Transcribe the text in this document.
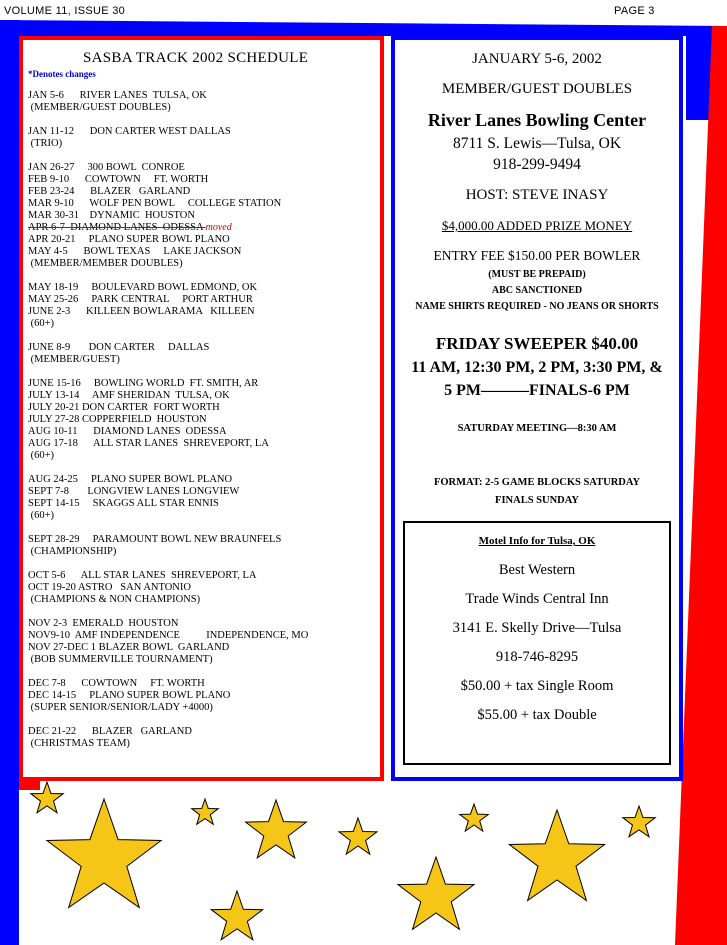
VOLUME 11, ISSUE 30	PAGE 3
SASBA TRACK 2002 SCHEDULE
*Denotes changes
JAN 5-6      RIVER LANES  TULSA, OK
(MEMBER/GUEST DOUBLES)
JAN 11-12      DON CARTER WEST DALLAS
(TRIO)
JAN 26-27     300 BOWL  CONROE
FEB 9-10      COWTOWN     FT. WORTH
FEB 23-24      BLAZER   GARLAND
MAR 9-10      WOLF PEN BOWL     COLLEGE STATION
MAR 30-31    DYNAMIC  HOUSTON
APR 6-7  DIAMOND LANES  ODESSA moved
APR 20-21     PLANO SUPER BOWL PLANO
MAY 4-5      BOWL TEXAS     LAKE JACKSON
(MEMBER/MEMBER DOUBLES)
MAY 18-19     BOULEVARD BOWL EDMOND, OK
MAY 25-26     PARK CENTRAL     PORT ARTHUR
JUNE 2-3      KILLEEN BOWLARAMA   KILLEEN
(60+)
JUNE 8-9       DON CARTER     DALLAS
(MEMBER/GUEST)
JUNE 15-16     BOWLING WORLD  FT. SMITH, AR
JULY 13-14     AMF SHERIDAN  TULSA, OK
JULY 20-21 DON CARTER  FORT WORTH
JULY 27-28 COPPERFIELD  HOUSTON
AUG 10-11      DIAMOND LANES  ODESSA
AUG 17-18      ALL STAR LANES  SHREVEPORT, LA
(60+)
AUG 24-25     PLANO SUPER BOWL PLANO
SEPT 7-8       LONGVIEW LANES LONGVIEW
SEPT 14-15     SKAGGS ALL STAR ENNIS
(60+)
SEPT 28-29     PARAMOUNT BOWL NEW BRAUNFELS
(CHAMPIONSHIP)
OCT 5-6      ALL STAR LANES  SHREVEPORT, LA
OCT 19-20 ASTRO   SAN ANTONIO
(CHAMPIONS & NON CHAMPIONS)
NOV 2-3  EMERALD  HOUSTON
NOV9-10  AMF INDEPENDENCE          INDEPENDENCE, MO
NOV 27-DEC 1 BLAZER BOWL  GARLAND
(BOB SUMMERVILLE TOURNAMENT)
DEC 7-8      COWTOWN     FT. WORTH
DEC 14-15     PLANO SUPER BOWL PLANO
(SUPER SENIOR/SENIOR/LADY +4000)
DEC 21-22      BLAZER   GARLAND
(CHRISTMAS TEAM)
JANUARY 5-6, 2002
MEMBER/GUEST DOUBLES
River Lanes Bowling Center
8711 S. Lewis—Tulsa, OK
918-299-9494
HOST: STEVE INASY
$4,000.00 ADDED PRIZE MONEY
ENTRY FEE $150.00 PER BOWLER
(MUST BE PREPAID)
ABC SANCTIONED
NAME SHIRTS REQUIRED - NO JEANS OR SHORTS
FRIDAY SWEEPER $40.00
11 AM, 12:30 PM, 2 PM, 3:30 PM, &
5 PM———FINALS-6 PM
SATURDAY MEETING—8:30 AM
FORMAT: 2-5 GAME BLOCKS SATURDAY
FINALS SUNDAY
Motel Info for Tulsa, OK
Best Western
Trade Winds Central Inn
3141 E. Skelly Drive—Tulsa
918-746-8295
$50.00 + tax Single Room
$55.00 + tax Double
